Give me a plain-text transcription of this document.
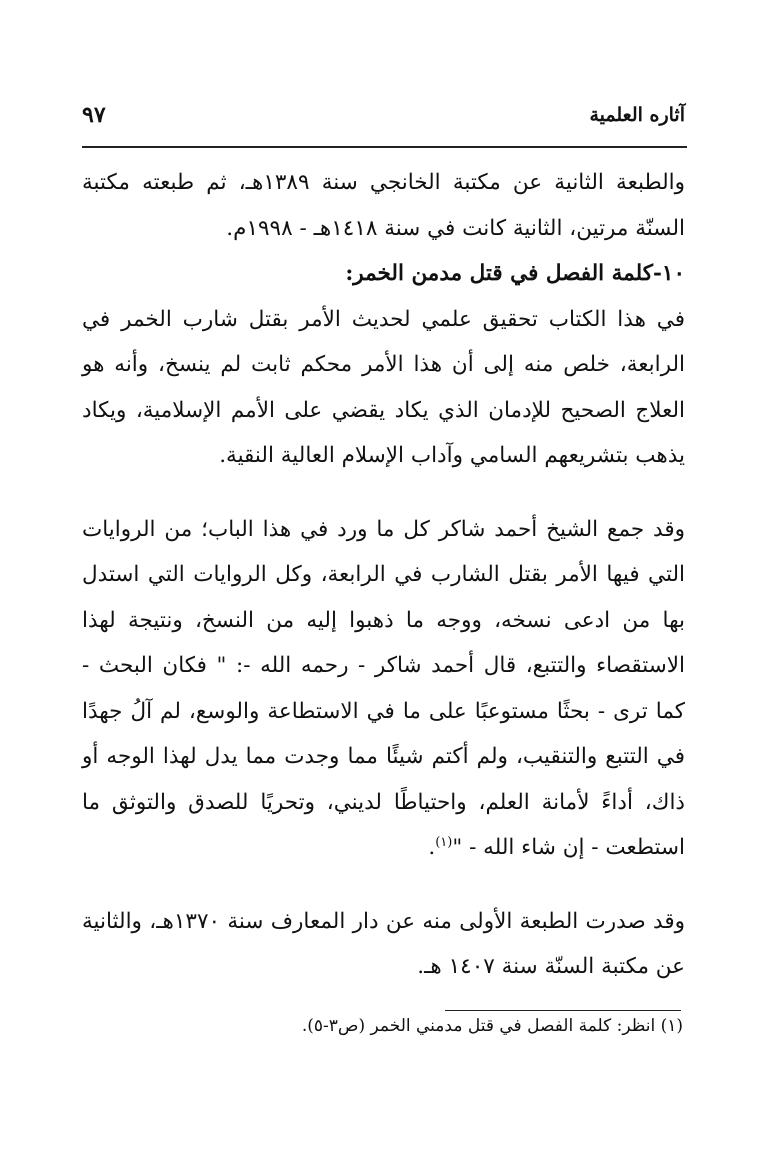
آثاره العلمية
٩٧

والطبعة الثانية عن مكتبة الخانجي سنة ١٣٨٩هـ، ثم طبعته مكتبة السنّة مرتين، الثانية كانت في سنة ١٤١٨هـ - ١٩٩٨م.

١٠-كلمة الفصل في قتل مدمن الخمر:

في هذا الكتاب تحقيق علمي لحديث الأمر بقتل شارب الخمر في الرابعة، خلص منه إلى أن هذا الأمر محكم ثابت لم ينسخ، وأنه هو العلاج الصحيح للإدمان الذي يكاد يقضي على الأمم الإسلامية، ويكاد يذهب بتشريعهم السامي وآداب الإسلام العالية النقية.

وقد جمع الشيخ أحمد شاكر كل ما ورد في هذا الباب؛ من الروايات التي فيها الأمر بقتل الشارب في الرابعة، وكل الروايات التي استدل بها من ادعى نسخه، ووجه ما ذهبوا إليه من النسخ، ونتيجة لهذا الاستقصاء والتتبع، قال أحمد شاكر - رحمه الله -: " فكان البحث - كما ترى - بحثًا مستوعبًا على ما في الاستطاعة والوسع، لم آلُ جهدًا في التتبع والتنقيب، ولم أكتم شيئًا مما وجدت مما يدل لهذا الوجه أو ذاك، أداءً لأمانة العلم، واحتياطًا لديني، وتحريًا للصدق والتوثق ما استطعت - إن شاء الله - "$^{(١)}$.

وقد صدرت الطبعة الأولى منه عن دار المعارف سنة ١٣٧٠هـ، والثانية عن مكتبة السنّة سنة ١٤٠٧ هـ.

(١) انظر: كلمة الفصل في قتل مدمني الخمر (ص٣-٥).
